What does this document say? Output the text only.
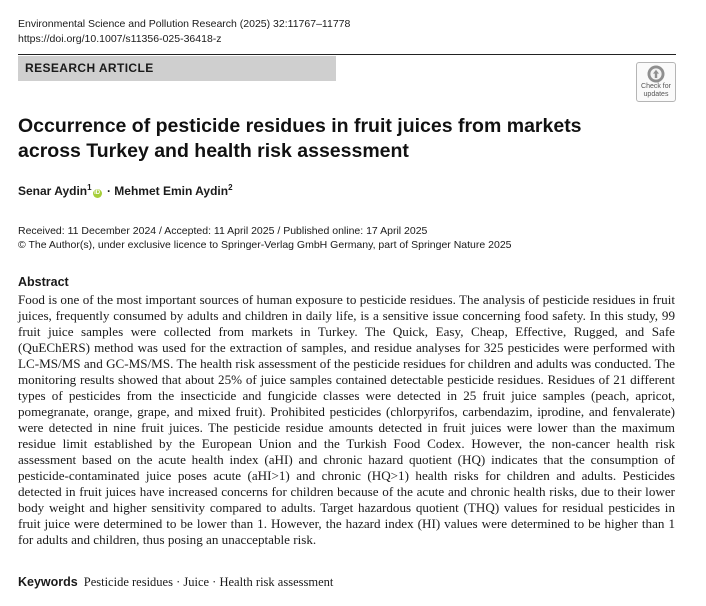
Environmental Science and Pollution Research (2025) 32:11767–11778
https://doi.org/10.1007/s11356-025-36418-z
RESEARCH ARTICLE
Check for
updates
Occurrence of pesticide residues in fruit juices from markets
across Turkey and health risk assessment
Senar Aydin$^1$iD · Mehmet Emin Aydin$^2$
Received: 11 December 2024 / Accepted: 11 April 2025 / Published online: 17 April 2025
© The Author(s), under exclusive licence to Springer-Verlag GmbH Germany, part of Springer Nature 2025
Abstract
Food is one of the most important sources of human exposure to pesticide residues. The analysis of pesticide residues in fruit juices, frequently consumed by adults and children in daily life, is a sensitive issue concerning food safety. In this study, 99 fruit juice samples were collected from markets in Turkey. The Quick, Easy, Cheap, Effective, Rugged, and Safe (QuEChERS) method was used for the extraction of samples, and residue analyses for 325 pesticides were performed with LC-MS/MS and GC-MS/MS. The health risk assessment of the pesticide residues for children and adults was conducted. The monitoring results showed that about 25% of juice samples contained detectable pesticide residues. Residues of 21 different types of pesticides from the insecticide and fungicide classes were detected in 25 fruit juice samples (peach, apricot, pomegranate, orange, grape, and mixed fruit). Prohibited pesticides (chlorpyrifos, carbendazim, iprodine, and fenvalerate) were detected in nine fruit juices. The pesticide residue amounts detected in fruit juices were lower than the maximum residue limit established by the European Union and the Turkish Food Codex. However, the non-cancer health risk assessment based on the acute health index (aHI) and chronic hazard quotient (HQ) indicates that the consumption of pesticide-contaminated juice poses acute (aHI>1) and chronic (HQ>1) health risks for children and adults. Pesticides detected in fruit juices have increased concerns for children because of the acute and chronic health risks, due to their lower body weight and higher sensitivity compared to adults. Target hazardous quotient (THQ) values for residual pesticides in fruit juice were determined to be lower than 1. However, the hazard index (HI) values were determined to be higher than 1 for adults and children, thus posing an unacceptable risk.
Keywords Pesticide residues · Juice · Health risk assessment
